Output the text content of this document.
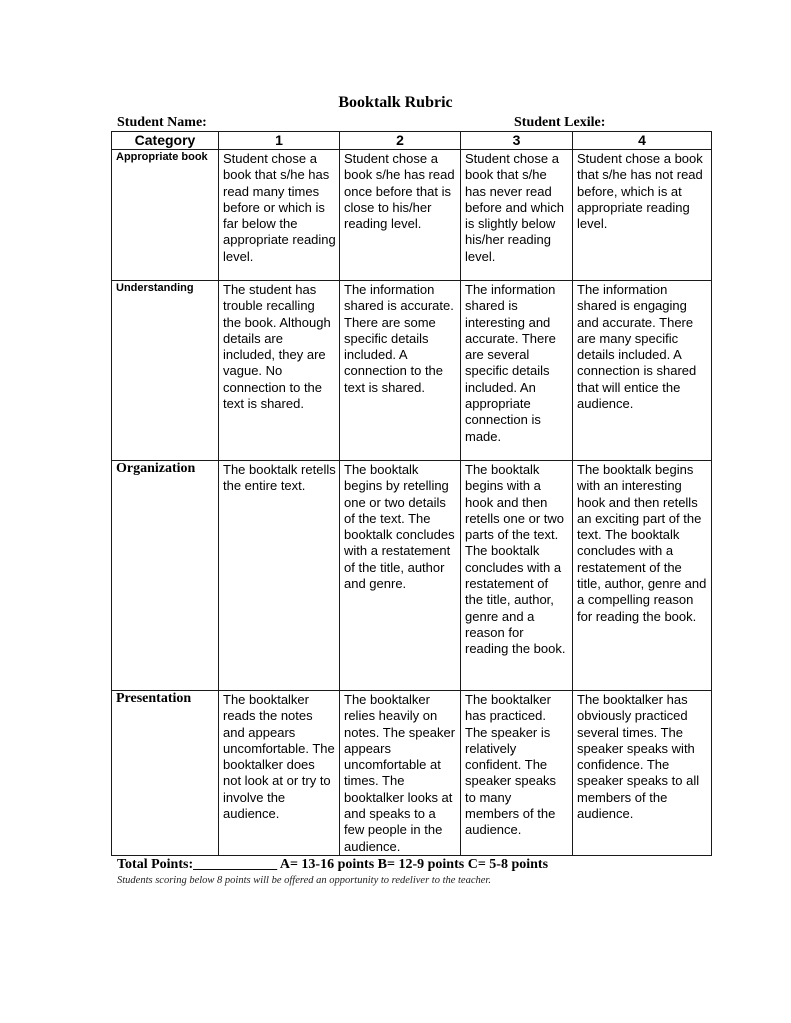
Booktalk Rubric
Student Name:	Student Lexile:
Category	1	2	3	4
Appropriate book	Student chose a book that s/he has read many times before or which is far below the appropriate reading level.	Student chose a book s/he has read once before that is close to his/her reading level.	Student chose a book that s/he has never read before and which is slightly below his/her reading level.	Student chose a book that s/he has not read before, which is at appropriate reading level.
Understanding	The student has trouble recalling the book. Although details are included, they are vague. No connection to the text is shared.	The information shared is accurate. There are some specific details included. A connection to the text is shared.	The information shared is interesting and accurate. There are several specific details included. An appropriate connection is made.	The information shared is engaging and accurate. There are many specific details included. A connection is shared that will entice the audience.
Organization	The booktalk retells the entire text.	The booktalk begins by retelling one or two details of the text. The booktalk concludes with a restatement of the title, author and genre.	The booktalk begins with a hook and then retells one or two parts of the text. The booktalk concludes with a restatement of the title, author, genre and a reason for reading the book.	The booktalk begins with an interesting hook and then retells an exciting part of the text. The booktalk concludes with a restatement of the title, author, genre and a compelling reason for reading the book.
Presentation	The booktalker reads the notes and appears uncomfortable. The booktalker does not look at or try to involve the audience.	The booktalker relies heavily on notes. The speaker appears uncomfortable at times. The booktalker looks at and speaks to a few people in the audience.	The booktalker has practiced. The speaker is relatively confident. The speaker speaks to many members of the audience.	The booktalker has obviously practiced several times. The speaker speaks with confidence. The speaker speaks to all members of the audience.
Total Points:____________ A= 13-16 points B= 12-9 points C= 5-8 points
Students scoring below 8 points will be offered an opportunity to redeliver to the teacher.
